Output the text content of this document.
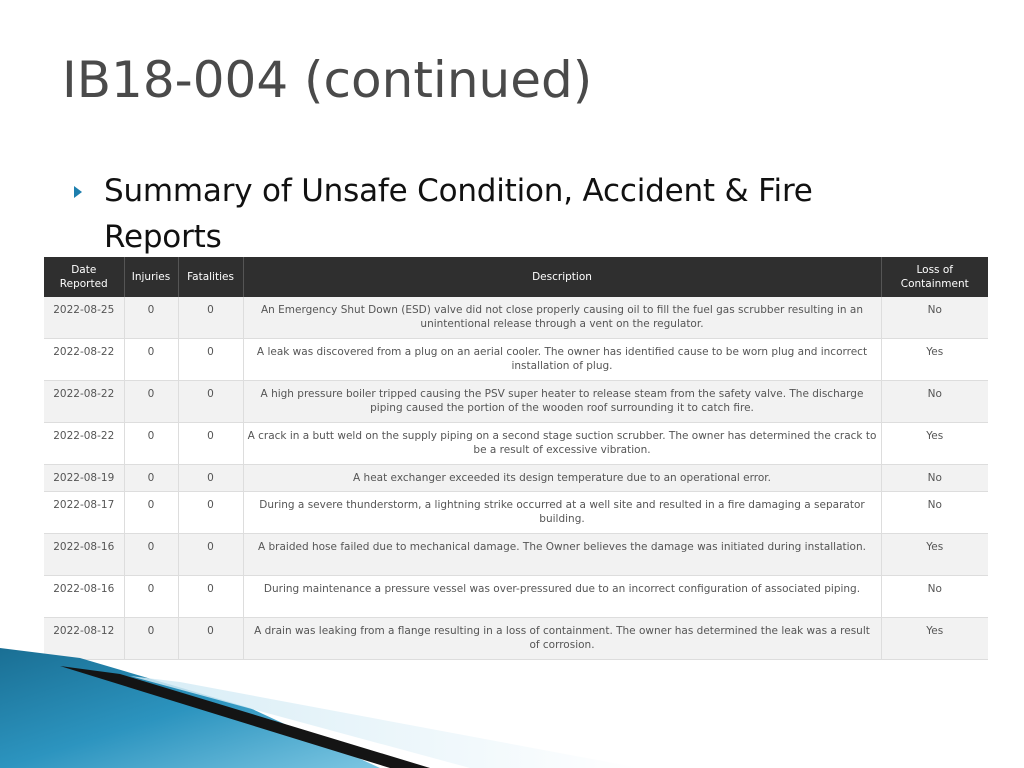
IB18-004 (continued)
Summary of Unsafe Condition, Accident & Fire Reports
Date Reported	Injuries	Fatalities	Description	Loss of Containment
2022-08-25	0	0	An Emergency Shut Down (ESD) valve did not close properly causing oil to fill the fuel gas scrubber resulting in an unintentional release through a vent on the regulator.	No
2022-08-22	0	0	A leak was discovered from a plug on an aerial cooler. The owner has identified cause to be worn plug and incorrect installation of plug.	Yes
2022-08-22	0	0	A high pressure boiler tripped causing the PSV super heater to release steam from the safety valve. The discharge piping caused the portion of the wooden roof surrounding it to catch fire.	No
2022-08-22	0	0	A crack in a butt weld on the supply piping on a second stage suction scrubber. The owner has determined the crack to be a result of excessive vibration.	Yes
2022-08-19	0	0	A heat exchanger exceeded its design temperature due to an operational error.	No
2022-08-17	0	0	During a severe thunderstorm, a lightning strike occurred at a well site and resulted in a fire damaging a separator building.	No
2022-08-16	0	0	A braided hose failed due to mechanical damage. The Owner believes the damage was initiated during installation.	Yes
2022-08-16	0	0	During maintenance a pressure vessel was over-pressured due to an incorrect configuration of associated piping.	No
2022-08-12	0	0	A drain was leaking from a flange resulting in a loss of containment. The owner has determined the leak was a result of corrosion.	Yes
